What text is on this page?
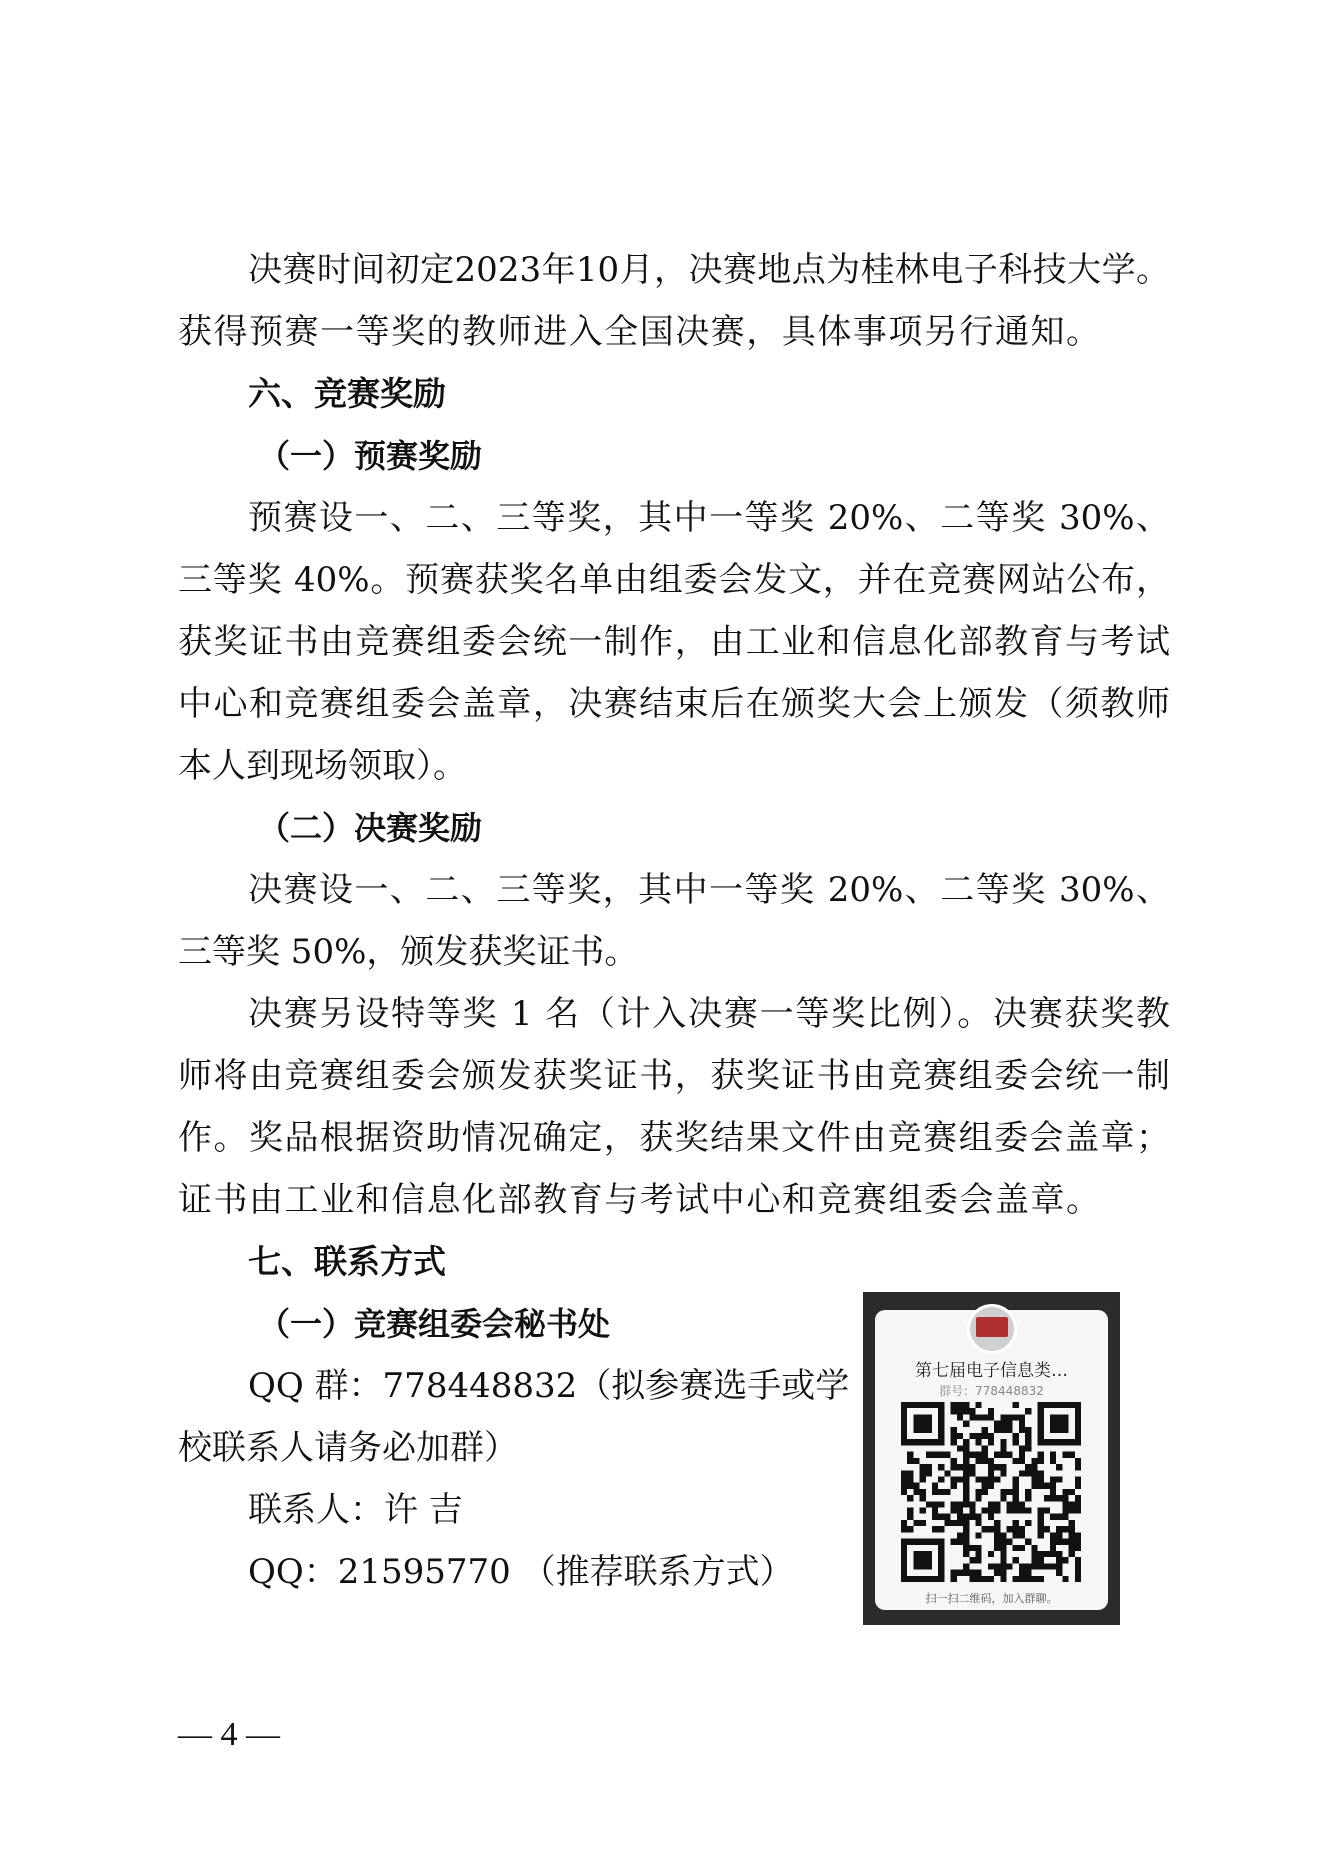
决赛时间初定2023年10月，决赛地点为桂林电子科技大学。
获得预赛一等奖的教师进入全国决赛，具体事项另行通知。
六、竞赛奖励
（一）预赛奖励
预赛设一、二、三等奖，其中一等奖 20%、二等奖 30%、
三等奖 40%。预赛获奖名单由组委会发文，并在竞赛网站公布，
获奖证书由竞赛组委会统一制作，由工业和信息化部教育与考试
中心和竞赛组委会盖章，决赛结束后在颁奖大会上颁发（须教师
本人到现场领取）。
（二）决赛奖励
决赛设一、二、三等奖，其中一等奖 20%、二等奖 30%、
三等奖 50%，颁发获奖证书。
决赛另设特等奖 1 名（计入决赛一等奖比例）。决赛获奖教
师将由竞赛组委会颁发获奖证书，获奖证书由竞赛组委会统一制
作。奖品根据资助情况确定，获奖结果文件由竞赛组委会盖章；
证书由工业和信息化部教育与考试中心和竞赛组委会盖章。
七、联系方式
（一）竞赛组委会秘书处
QQ 群：778448832（拟参赛选手或学
校联系人请务必加群）
联系人：许 吉
QQ：21595770 （推荐联系方式）
第七届电子信息类…
群号：778448832
扫一扫二维码，加入群聊。
— 4 —
